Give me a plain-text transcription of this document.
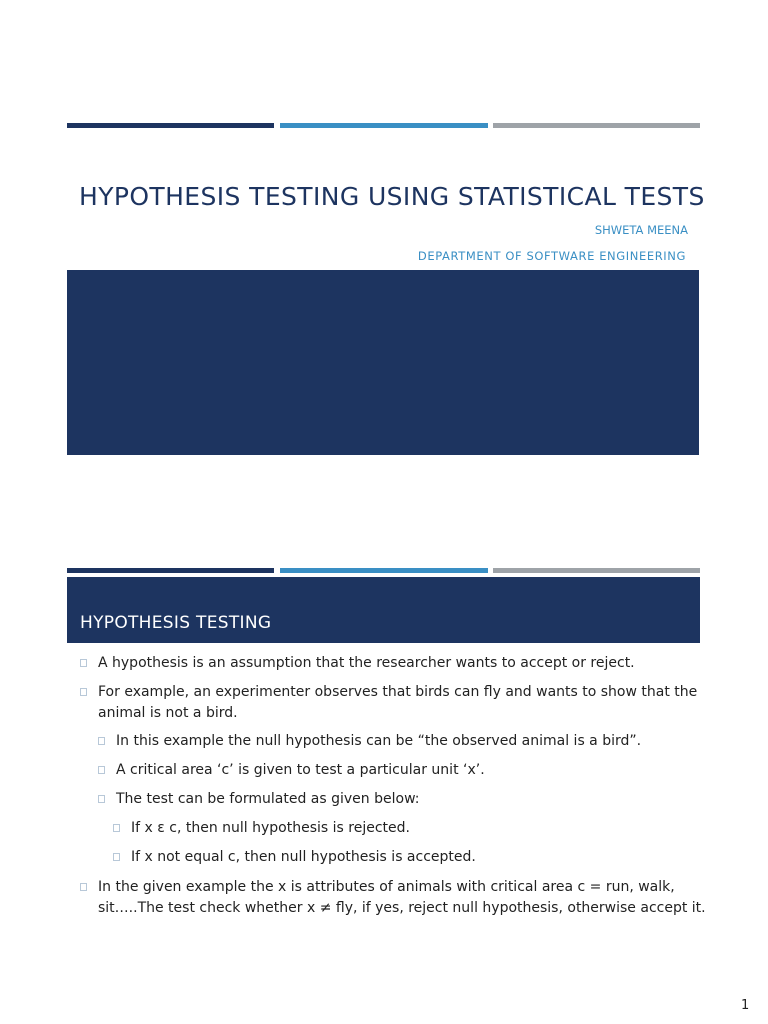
HYPOTHESIS TESTING USING STATISTICAL TESTS
SHWETA MEENA
DEPARTMENT OF SOFTWARE ENGINEERING
HYPOTHESIS TESTING
A hypothesis is an assumption that the researcher wants to accept or reject.
For example, an experimenter observes that birds can fly and wants to show that the
animal is not a bird.
In this example the null hypothesis can be “the observed animal is a bird”.
A critical area ‘c’ is given to test a particular unit ‘x’.
The test can be formulated as given below:
If x ε c, then null hypothesis is rejected.
If x not equal c, then null hypothesis is accepted.
In the given example the x is attributes of animals with critical area c = run, walk,
sit…..The test check whether x ≠ fly, if yes, reject null hypothesis, otherwise accept it.
1
